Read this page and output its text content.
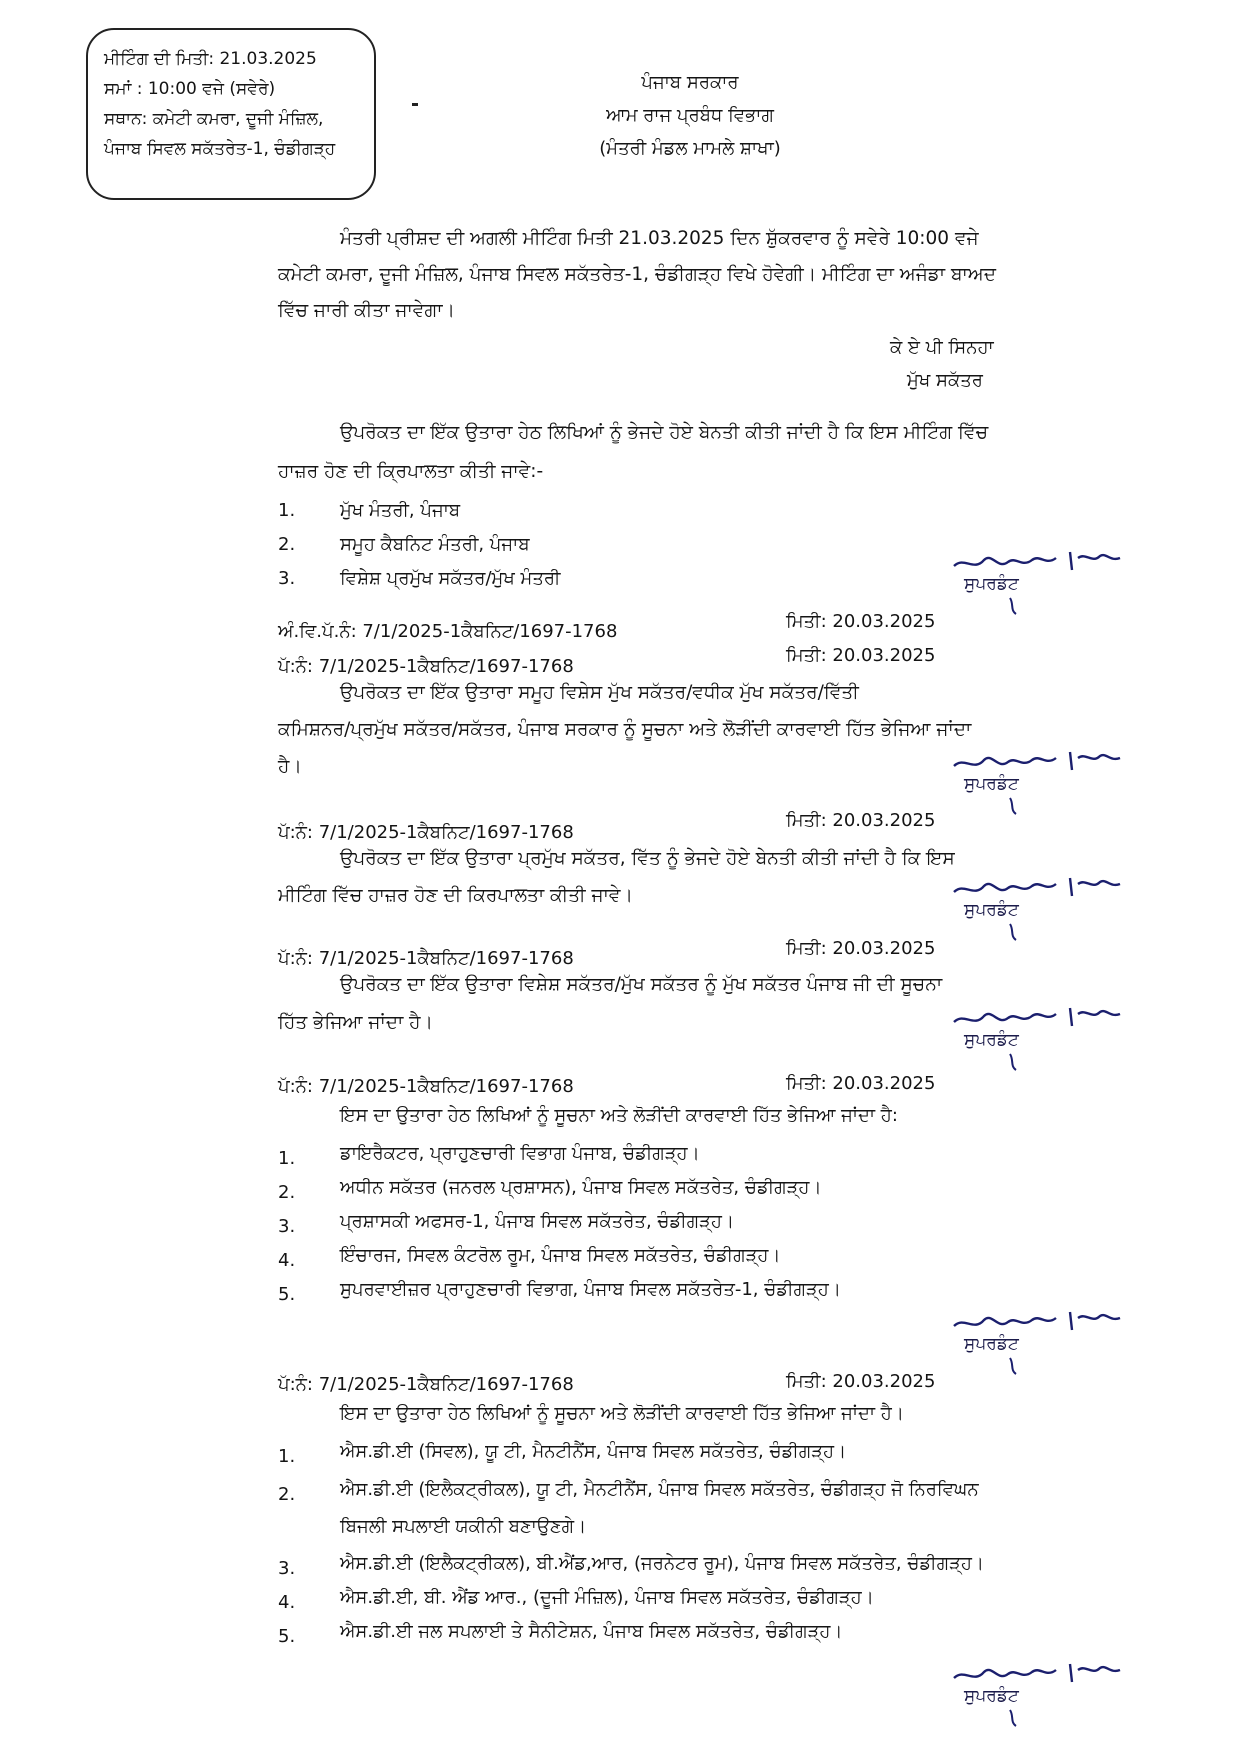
ਮੀਟਿੰਗ ਦੀ ਮਿਤੀ: 21.03.2025
ਸਮਾਂ : 10:00 ਵਜੇ (ਸਵੇਰੇ)
ਸਥਾਨ: ਕਮੇਟੀ ਕਮਰਾ, ਦੂਜੀ ਮੰਜ਼ਿਲ,
ਪੰਜਾਬ ਸਿਵਲ ਸਕੱਤਰੇਤ-1, ਚੰਡੀਗੜ੍ਹ
ਪੰਜਾਬ ਸਰਕਾਰ
ਆਮ ਰਾਜ ਪ੍ਰਬੰਧ ਵਿਭਾਗ
(ਮੰਤਰੀ ਮੰਡਲ ਮਾਮਲੇ ਸ਼ਾਖਾ)
ਮੰਤਰੀ ਪ੍ਰੀਸ਼ਦ ਦੀ ਅਗਲੀ ਮੀਟਿੰਗ ਮਿਤੀ 21.03.2025 ਦਿਨ ਸ਼ੁੱਕਰਵਾਰ ਨੂੰ ਸਵੇਰੇ 10:00 ਵਜੇ
ਕਮੇਟੀ ਕਮਰਾ, ਦੂਜੀ ਮੰਜ਼ਿਲ, ਪੰਜਾਬ ਸਿਵਲ ਸਕੱਤਰੇਤ-1, ਚੰਡੀਗੜ੍ਹ ਵਿਖੇ ਹੋਵੇਗੀ। ਮੀਟਿੰਗ ਦਾ ਅਜੰਡਾ ਬਾਅਦ
ਵਿੱਚ ਜਾਰੀ ਕੀਤਾ ਜਾਵੇਗਾ।
ਕੇ ਏ ਪੀ ਸਿਨਹਾ
ਮੁੱਖ ਸਕੱਤਰ
ਉਪਰੋਕਤ ਦਾ ਇੱਕ ਉਤਾਰਾ ਹੇਠ ਲਿਖਿਆਂ ਨੂੰ ਭੇਜਦੇ ਹੋਏ ਬੇਨਤੀ ਕੀਤੀ ਜਾਂਦੀ ਹੈ ਕਿ ਇਸ ਮੀਟਿੰਗ ਵਿੱਚ
ਹਾਜ਼ਰ ਹੋਣ ਦੀ ਕ੍ਰਿਪਾਲਤਾ ਕੀਤੀ ਜਾਵੇ:-
1.	ਮੁੱਖ ਮੰਤਰੀ, ਪੰਜਾਬ
2.	ਸਮੂਹ ਕੈਬਨਿਟ ਮੰਤਰੀ, ਪੰਜਾਬ
3.	ਵਿਸ਼ੇਸ਼ ਪ੍ਰਮੁੱਖ ਸਕੱਤਰ/ਮੁੱਖ ਮੰਤਰੀ	ਸੁਪਰਡੰਟ
ਅੰ.ਵਿ.ਪੱ.ਨੰ: 7/1/2025-1ਕੈਬਨਿਟ/1697-1768	ਮਿਤੀ: 20.03.2025
ਪੱ:ਨੰ: 7/1/2025-1ਕੈਬਨਿਟ/1697-1768
ਮਿਤੀ: 20.03.2025
ਉਪਰੋਕਤ ਦਾ ਇੱਕ ਉਤਾਰਾ ਸਮੂਹ ਵਿਸ਼ੇਸ ਮੁੱਖ ਸਕੱਤਰ/ਵਧੀਕ ਮੁੱਖ ਸਕੱਤਰ/ਵਿੱਤੀ
ਕਮਿਸ਼ਨਰ/ਪ੍ਰਮੁੱਖ ਸਕੱਤਰ/ਸਕੱਤਰ, ਪੰਜਾਬ ਸਰਕਾਰ ਨੂੰ ਸੂਚਨਾ ਅਤੇ ਲੋੜੀਂਦੀ ਕਾਰਵਾਈ ਹਿੱਤ ਭੇਜਿਆ ਜਾਂਦਾ
ਹੈ।
ਸੁਪਰਡੰਟ
ਪੱ:ਨੰ: 7/1/2025-1ਕੈਬਨਿਟ/1697-1768
ਮਿਤੀ: 20.03.2025
ਉਪਰੋਕਤ ਦਾ ਇੱਕ ਉਤਾਰਾ ਪ੍ਰਮੁੱਖ ਸਕੱਤਰ, ਵਿੱਤ ਨੂੰ ਭੇਜਦੇ ਹੋਏ ਬੇਨਤੀ ਕੀਤੀ ਜਾਂਦੀ ਹੈ ਕਿ ਇਸ
ਮੀਟਿੰਗ ਵਿੱਚ ਹਾਜ਼ਰ ਹੋਣ ਦੀ ਕਿਰਪਾਲਤਾ ਕੀਤੀ ਜਾਵੇ।
ਸੁਪਰਡੰਟ
ਪੱ:ਨੰ: 7/1/2025-1ਕੈਬਨਿਟ/1697-1768	ਮਿਤੀ: 20.03.2025
ਉਪਰੋਕਤ ਦਾ ਇੱਕ ਉਤਾਰਾ ਵਿਸ਼ੇਸ਼ ਸਕੱਤਰ/ਮੁੱਖ ਸਕੱਤਰ ਨੂੰ ਮੁੱਖ ਸਕੱਤਰ ਪੰਜਾਬ ਜੀ ਦੀ ਸੂਚਨਾ
ਹਿੱਤ ਭੇਜਿਆ ਜਾਂਦਾ ਹੈ।
ਸੁਪਰਡੰਟ
ਪੱ:ਨੰ: 7/1/2025-1ਕੈਬਨਿਟ/1697-1768	ਮਿਤੀ: 20.03.2025
ਇਸ ਦਾ ਉਤਾਰਾ ਹੇਠ ਲਿਖਿਆਂ ਨੂੰ ਸੂਚਨਾ ਅਤੇ ਲੋੜੀਂਦੀ ਕਾਰਵਾਈ ਹਿੱਤ ਭੇਜਿਆ ਜਾਂਦਾ ਹੈ:
1.	ਡਾਇਰੈਕਟਰ, ਪ੍ਰਾਹੁਣਚਾਰੀ ਵਿਭਾਗ ਪੰਜਾਬ, ਚੰਡੀਗੜ੍ਹ।
2.	ਅਧੀਨ ਸਕੱਤਰ (ਜਨਰਲ ਪ੍ਰਸ਼ਾਸਨ), ਪੰਜਾਬ ਸਿਵਲ ਸਕੱਤਰੇਤ, ਚੰਡੀਗੜ੍ਹ।
3.	ਪ੍ਰਸ਼ਾਸਕੀ ਅਫਸਰ-1, ਪੰਜਾਬ ਸਿਵਲ ਸਕੱਤਰੇਤ, ਚੰਡੀਗੜ੍ਹ।
4.	ਇੰਚਾਰਜ, ਸਿਵਲ ਕੰਟਰੋਲ ਰੂਮ, ਪੰਜਾਬ ਸਿਵਲ ਸਕੱਤਰੇਤ, ਚੰਡੀਗੜ੍ਹ।
5.	ਸੁਪਰਵਾਈਜ਼ਰ ਪ੍ਰਾਹੁਣਚਾਰੀ ਵਿਭਾਗ, ਪੰਜਾਬ ਸਿਵਲ ਸਕੱਤਰੇਤ-1, ਚੰਡੀਗੜ੍ਹ।
ਸੁਪਰਡੰਟ
ਪੱ:ਨੰ: 7/1/2025-1ਕੈਬਨਿਟ/1697-1768	ਮਿਤੀ: 20.03.2025
ਇਸ ਦਾ ਉਤਾਰਾ ਹੇਠ ਲਿਖਿਆਂ ਨੂੰ ਸੂਚਨਾ ਅਤੇ ਲੋੜੀਂਦੀ ਕਾਰਵਾਈ ਹਿੱਤ ਭੇਜਿਆ ਜਾਂਦਾ ਹੈ।
1.	ਐਸ.ਡੀ.ਈ (ਸਿਵਲ), ਯੂ ਟੀ, ਮੈਨਟੀਨੈਂਸ, ਪੰਜਾਬ ਸਿਵਲ ਸਕੱਤਰੇਤ, ਚੰਡੀਗੜ੍ਹ।
2.	ਐਸ.ਡੀ.ਈ (ਇਲੈਕਟ੍ਰੀਕਲ), ਯੂ ਟੀ, ਮੈਨਟੀਨੈਂਸ, ਪੰਜਾਬ ਸਿਵਲ ਸਕੱਤਰੇਤ, ਚੰਡੀਗੜ੍ਹ ਜੋ ਨਿਰਵਿਘਨ
ਬਿਜਲੀ ਸਪਲਾਈ ਯਕੀਨੀ ਬਣਾਉਣਗੇ।
3.	ਐਸ.ਡੀ.ਈ (ਇਲੈਕਟ੍ਰੀਕਲ), ਬੀ.ਐਂਡ,ਆਰ, (ਜਰਨੇਟਰ ਰੂਮ), ਪੰਜਾਬ ਸਿਵਲ ਸਕੱਤਰੇਤ, ਚੰਡੀਗੜ੍ਹ।
4.	ਐਸ.ਡੀ.ਈ, ਬੀ. ਐਂਡ ਆਰ., (ਦੂਜੀ ਮੰਜ਼ਿਲ), ਪੰਜਾਬ ਸਿਵਲ ਸਕੱਤਰੇਤ, ਚੰਡੀਗੜ੍ਹ।
5.	ਐਸ.ਡੀ.ਈ ਜਲ ਸਪਲਾਈ ਤੇ ਸੈਨੀਟੇਸ਼ਨ, ਪੰਜਾਬ ਸਿਵਲ ਸਕੱਤਰੇਤ, ਚੰਡੀਗੜ੍ਹ।
ਸੁਪਰਡੰਟ
